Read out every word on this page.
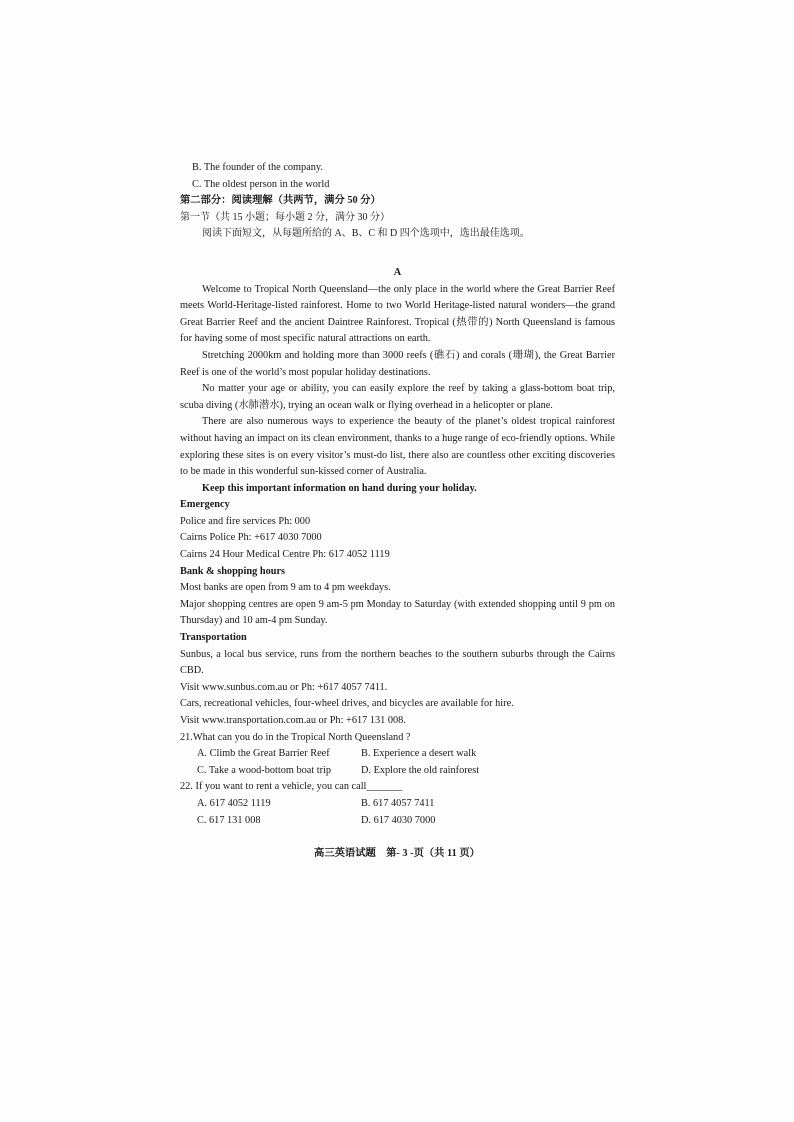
B. The founder of the company.

C. The oldest person in the world

第二部分：阅读理解（共两节，满分 50 分）

第一节（共 15 小题；每小题 2 分，满分 30 分）

阅读下面短文，从每题所给的 A、B、C 和 D 四个选项中，选出最佳选项。

A

Welcome to Tropical North Queensland—the only place in the world where the Great Barrier Reef meets World-Heritage-listed rainforest. Home to two World Heritage-listed natural wonders—the grand Great Barrier Reef and the ancient Daintree Rainforest. Tropical (热带的) North Queensland is famous for having some of most specific natural attractions on earth.

Stretching 2000km and holding more than 3000 reefs (礁石) and corals (珊瑚), the Great Barrier Reef is one of the world’s most popular holiday destinations.

No matter your age or ability, you can easily explore the reef by taking a glass-bottom boat trip, scuba diving (水肺潜水), trying an ocean walk or flying overhead in a helicopter or plane.

There are also numerous ways to experience the beauty of the planet’s oldest tropical rainforest without having an impact on its clean environment, thanks to a huge range of eco-friendly options. While exploring these sites is on every visitor’s must-do list, there also are countless other exciting discoveries to be made in this wonderful sun-kissed corner of Australia.

Keep this important information on hand during your holiday.

Emergency

Police and fire services Ph: 000

Cairns Police Ph: +617 4030 7000

Cairns 24 Hour Medical Centre Ph: 617 4052 1119

Bank & shopping hours

Most banks are open from 9 am to 4 pm weekdays.

Major shopping centres are open 9 am-5 pm Monday to Saturday (with extended shopping until 9 pm on Thursday) and 10 am-4 pm Sunday.

Transportation

Sunbus, a local bus service, runs from the northern beaches to the southern suburbs through the Cairns CBD.

Visit www.sunbus.com.au or Ph: +617 4057 7411.

Cars, recreational vehicles, four-wheel drives, and bicycles are available for hire.

Visit www.transportation.com.au or Ph: +617 131 008.

21.What can you do in the Tropical North Queensland ?

A. Climb the Great Barrier Reef	B. Experience a desert walk
C. Take a wood-bottom boat trip	D. Explore the old rainforest

22. If you want to rent a vehicle, you can call_______

A. 617 4052 1119	B. 617 4057 7411
C. 617 131 008	D. 617 4030 7000
高三英语试题　第- 3 -页（共 11 页）
